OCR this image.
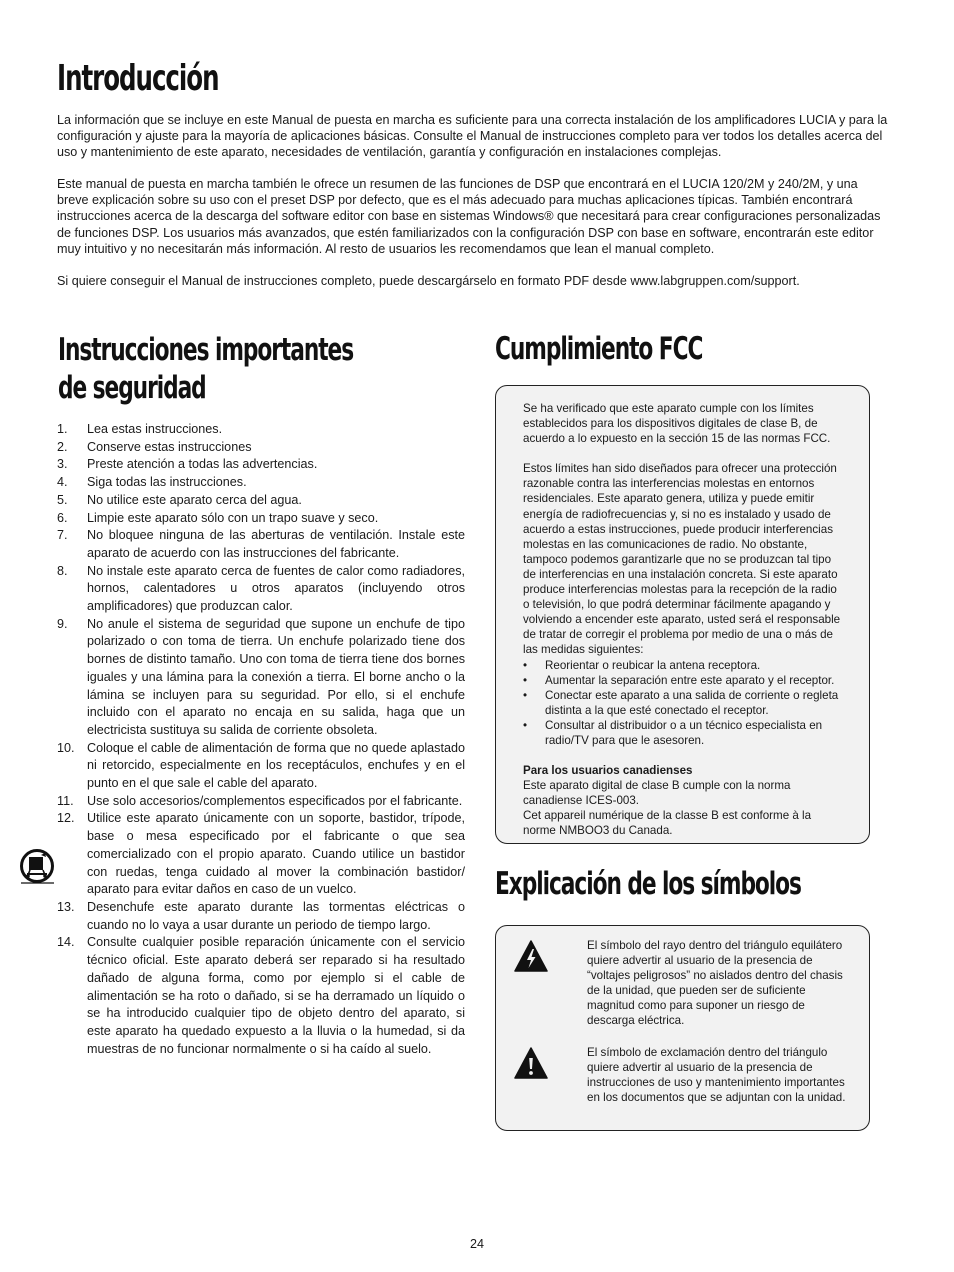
Introducción

La información que se incluye en este Manual de puesta en marcha es suficiente para una correcta instalación de los amplificadores LUCIA y para la configuración y ajuste para la mayoría de aplicaciones básicas. Consulte el Manual de instrucciones completo para ver todos los detalles acerca del uso y mantenimiento de este aparato, necesidades de ventilación, garantía y configuración en instalaciones complejas.

Este manual de puesta en marcha también le ofrece un resumen de las funciones de DSP que encontrará en el LUCIA 120/2M y 240/2M, y una breve explicación sobre su uso con el preset DSP por defecto, que es el más adecuado para muchas aplicaciones típicas. También encontrará instrucciones acerca de la descarga del software editor con base en sistemas Windows® que necesitará para crear configuraciones personalizadas de funciones DSP. Los usuarios más avanzados, que estén familiarizados con la configuración DSP con base en software, encontrarán este editor muy intuitivo y no necesitarán más información. Al resto de usuarios les recomendamos que lean el manual completo.

Si quiere conseguir el Manual de instrucciones completo, puede descargárselo en formato PDF desde www.labgruppen.com/support.

Instrucciones importantes
de seguridad
1. Lea estas instrucciones.
2. Conserve estas instrucciones
3. Preste atención a todas las advertencias.
4. Siga todas las instrucciones.
5. No utilice este aparato cerca del agua.
6. Limpie este aparato sólo con un trapo suave y seco.
7. No bloquee ninguna de las aberturas de ventilación. Instale este aparato de acuerdo con las instrucciones del fabricante.
8. No instale este aparato cerca de fuentes de calor como radiadores, hornos, calentadores u otros aparatos (incluyendo otros amplificadores) que produzcan calor.
9. No anule el sistema de seguridad que supone un enchufe de tipo polarizado o con toma de tierra. Un enchufe polarizado tiene dos bornes de distinto tamaño. Uno con toma de tierra tiene dos bornes iguales y una lámina para la conexión a tierra. El borne ancho o la lámina se incluyen para su seguridad. Por ello, si el enchufe incluido con el aparato no encaja en su salida, haga que un electricista sustituya su salida de corriente obsoleta.
10. Coloque el cable de alimentación de forma que no quede aplastado ni retorcido, especialmente en los receptáculos, enchufes y en el punto en el que sale el cable del aparato.
11. Use solo accesorios/complementos especificados por el fabricante.
12. Utilice este aparato únicamente con un soporte, bastidor, trípode, base o mesa especificado por el fabricante o que sea comercializado con el propio aparato. Cuando utilice un bastidor con ruedas, tenga cuidado al mover la combinación bastidor/ aparato para evitar daños en caso de un vuelco.
13. Desenchufe este aparato durante las tormentas eléctricas o cuando no lo vaya a usar durante un periodo de tiempo largo.
14. Consulte cualquier posible reparación únicamente con el servicio técnico oficial. Este aparato deberá ser reparado si ha resultado dañado de alguna forma, como por ejemplo si el cable de alimentación se ha roto o dañado, si se ha derramado un líquido o se ha introducido cualquier tipo de objeto dentro del aparato, si este aparato ha quedado expuesto a la lluvia o la humedad, si da muestras de no funcionar normalmente o si ha caído al suelo.
Cumplimiento FCC

Se ha verificado que este aparato cumple con los límites establecidos para los dispositivos digitales de clase B, de acuerdo a lo expuesto en la sección 15 de las normas FCC.

Estos límites han sido diseñados para ofrecer una protección razonable contra las interferencias molestas en entornos residenciales. Este aparato genera, utiliza y puede emitir energía de radiofrecuencias y, si no es instalado y usado de acuerdo a estas instrucciones, puede producir interferencias molestas en las comunicaciones de radio. No obstante, tampoco podemos garantizarle que no se produzcan tal tipo de interferencias en una instalación concreta. Si este aparato produce interferencias molestas para la recepción de la radio o televisión, lo que podrá determinar fácilmente apagando y volviendo a encender este aparato, usted será el responsable de tratar de corregir el problema por medio de una o más de las medidas siguientes:

• Reorientar o reubicar la antena receptora.
• Aumentar la separación entre este aparato y el receptor.
• Conectar este aparato a una salida de corriente o regleta distinta a la que esté conectado el receptor.
• Consultar al distribuidor o a un técnico especialista en radio/TV para que le asesoren.

Para los usuarios canadienses
Este aparato digital de clase B cumple con la norma canadiense ICES-003.
Cet appareil numérique de la classe B est conforme à la norme NMBOO3 du Canada.

Explicación de los símbolos
El símbolo del rayo dentro del triángulo equilátero quiere advertir al usuario de la presencia de “voltajes peligrosos” no aislados dentro del chasis de la unidad, que pueden ser de suficiente magnitud como para suponer un riesgo de descarga eléctrica.
El símbolo de exclamación dentro del triángulo quiere advertir al usuario de la presencia de instrucciones de uso y mantenimiento importantes en los documentos que se adjuntan con la unidad.
24
